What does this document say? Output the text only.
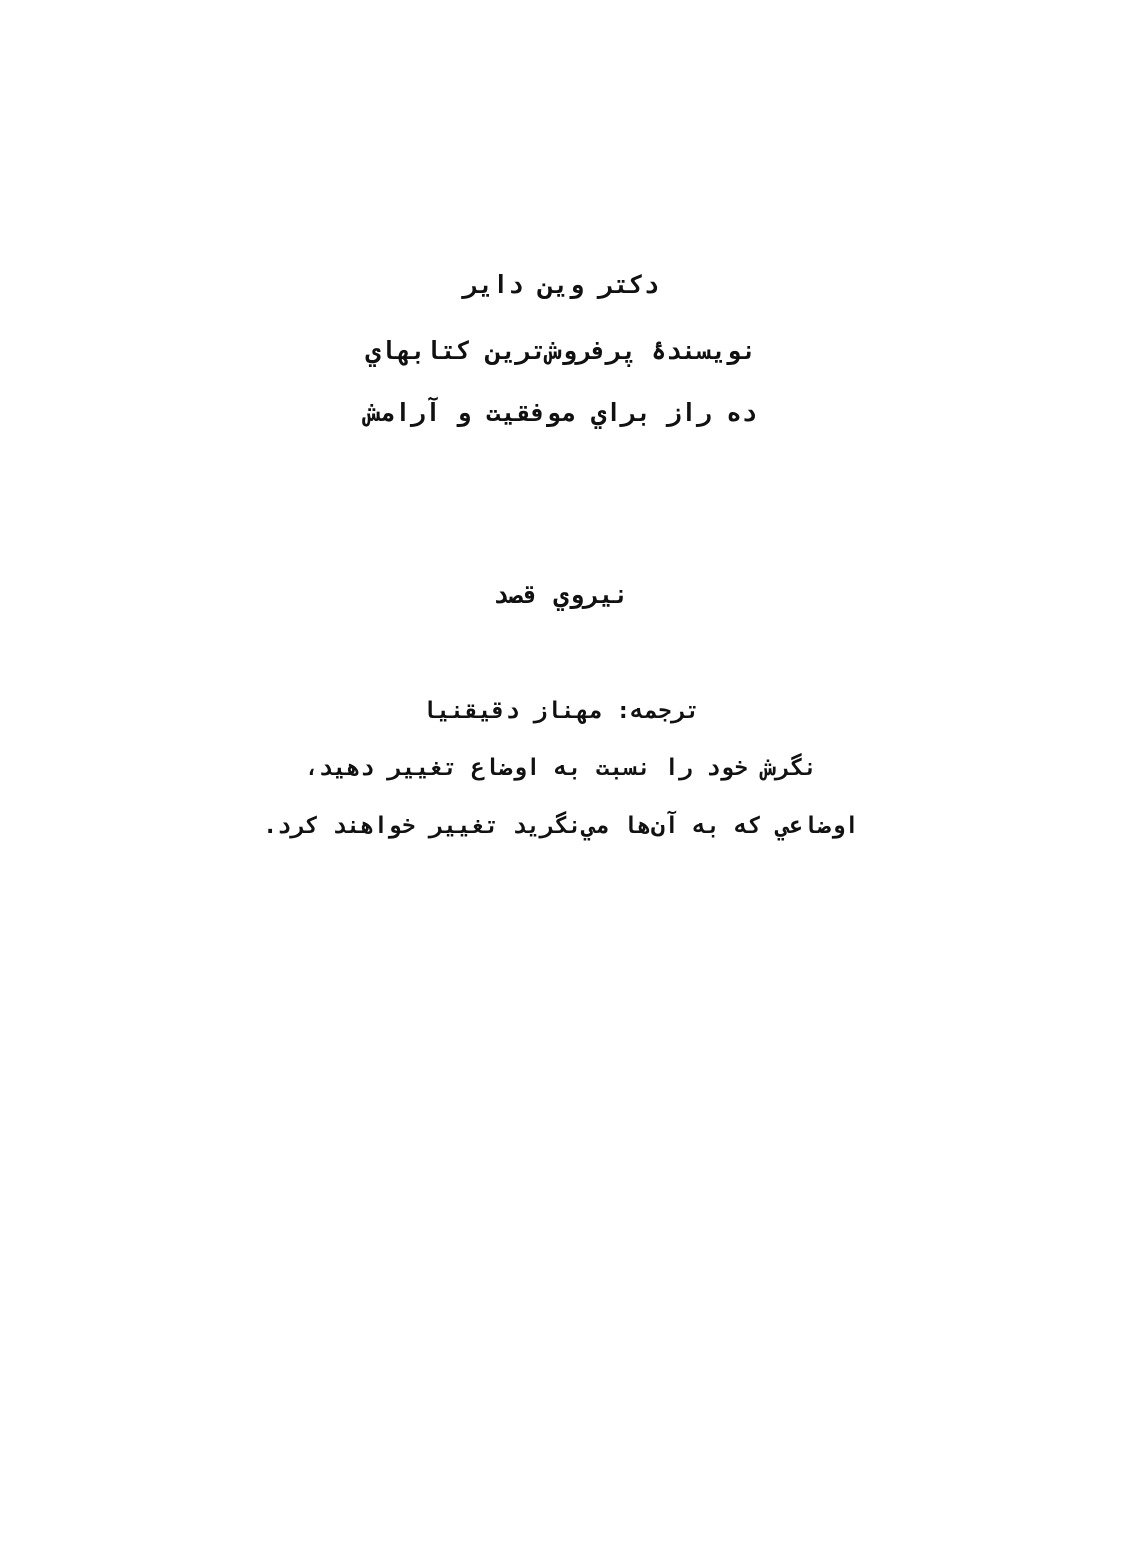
دکتر وین دایر
نویسندۀ پرفروش‌ترین کتابهاي
ده راز براي موفقیت و آرامش
نیروي قصد
ترجمه: مهناز دقیقنیا
نگرش خود را نسبت به اوضاع تغییر دهید،
اوضاعي که به آن‌ها مي‌نگرید تغییر خواهند کرد.
